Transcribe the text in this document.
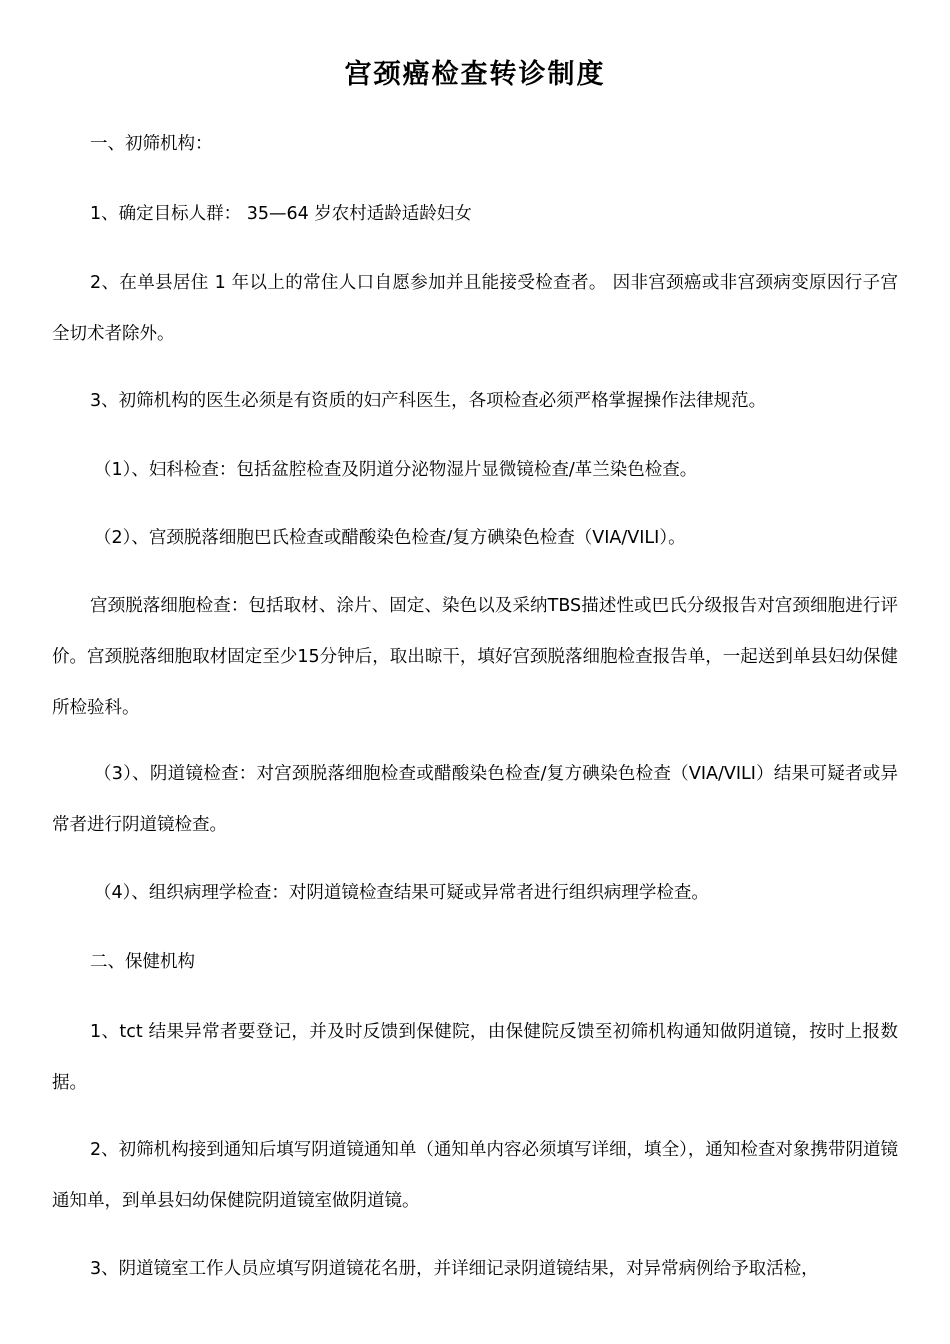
宫颈癌检查转诊制度

一、初筛机构：

1、确定目标人群： 35—64 岁农村适龄适龄妇女

2、在单县居住 1 年以上的常住人口自愿参加并且能接受检查者。 因非宫颈癌或非宫颈病变原因行子宫全切术者除外。

3、初筛机构的医生必须是有资质的妇产科医生，各项检查必须严格掌握操作法律规范。

（1）、妇科检查：包括盆腔检查及阴道分泌物湿片显微镜检查/革兰染色检查。

（2）、宫颈脱落细胞巴氏检查或醋酸染色检查/复方碘染色检查（VIA/VILI）。

宫颈脱落细胞检查：包括取材、涂片、固定、染色以及采纳TBS描述性或巴氏分级报告对宫颈细胞进行评价。宫颈脱落细胞取材固定至少15分钟后，取出晾干，填好宫颈脱落细胞检查报告单，一起送到单县妇幼保健所检验科。

（3）、阴道镜检查：对宫颈脱落细胞检查或醋酸染色检查/复方碘染色检查（VIA/VILI）结果可疑者或异常者进行阴道镜检查。

（4）、组织病理学检查：对阴道镜检查结果可疑或异常者进行组织病理学检查。

二、保健机构

1、tct 结果异常者要登记，并及时反馈到保健院，由保健院反馈至初筛机构通知做阴道镜，按时上报数据。

2、初筛机构接到通知后填写阴道镜通知单（通知单内容必须填写详细，填全），通知检查对象携带阴道镜通知单，到单县妇幼保健院阴道镜室做阴道镜。

3、阴道镜室工作人员应填写阴道镜花名册，并详细记录阴道镜结果，对异常病例给予取活检，
